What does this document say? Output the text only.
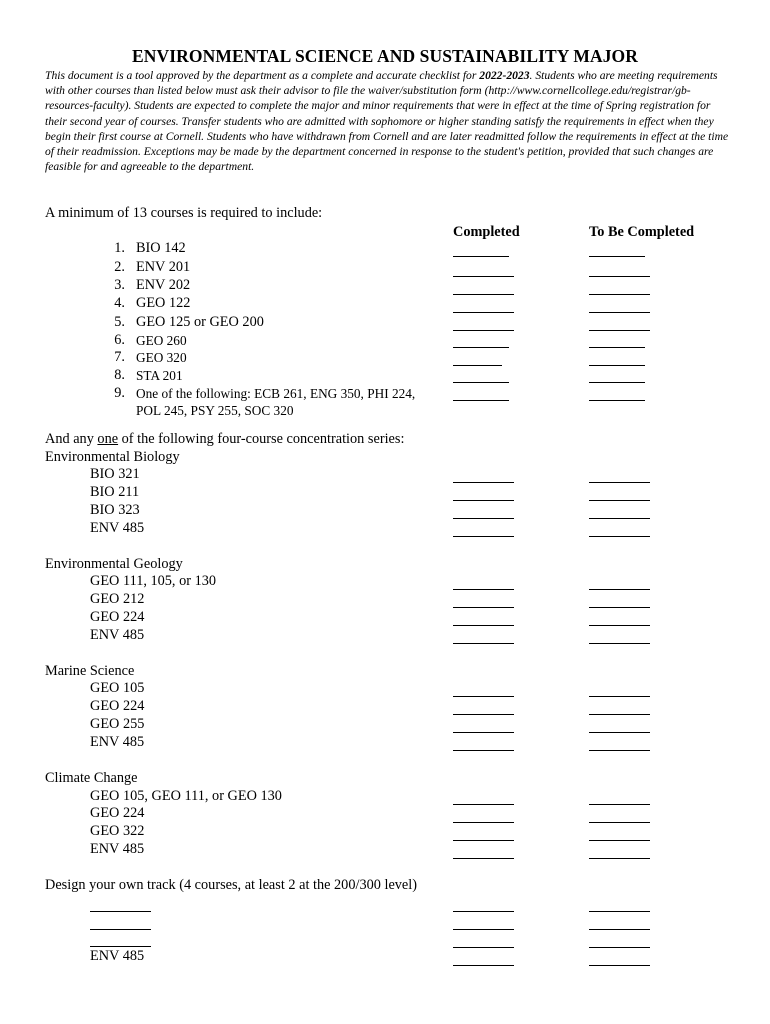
ENVIRONMENTAL SCIENCE AND SUSTAINABILITY MAJOR
This document is a tool approved by the department as a complete and accurate checklist for 2022-2023. Students who are meeting requirements with other courses than listed below must ask their advisor to file the waiver/substitution form (http://www.cornellcollege.edu/registrar/gb-resources-faculty). Students are expected to complete the major and minor requirements that were in effect at the time of Spring registration for their second year of courses. Transfer students who are admitted with sophomore or higher standing satisfy the requirements in effect when they begin their first course at Cornell. Students who have withdrawn from Cornell and are later readmitted follow the requirements in effect at the time of their readmission. Exceptions may be made by the department concerned in response to the student's petition, provided that such changes are feasible for and agreeable to the department.
A minimum of 13 courses is required to include:
Completed	To Be Completed
1. BIO 142
2. ENV 201
3. ENV 202
4. GEO 122
5. GEO 125 or GEO 200
6. GEO 260
7. GEO 320
8. STA 201
9. One of the following: ECB 261, ENG 350, PHI 224,
POL 245, PSY 255, SOC 320
And any one of the following four-course concentration series:
Environmental Biology
BIO 321
BIO 211
BIO 323
ENV 485
Environmental Geology
GEO 111, 105, or 130
GEO 212
GEO 224
ENV 485
Marine Science
GEO 105
GEO 224
GEO 255
ENV 485
Climate Change
GEO 105, GEO 111, or GEO 130
GEO 224
GEO 322
ENV 485
Design your own track (4 courses, at least 2 at the 200/300 level)
ENV 485
